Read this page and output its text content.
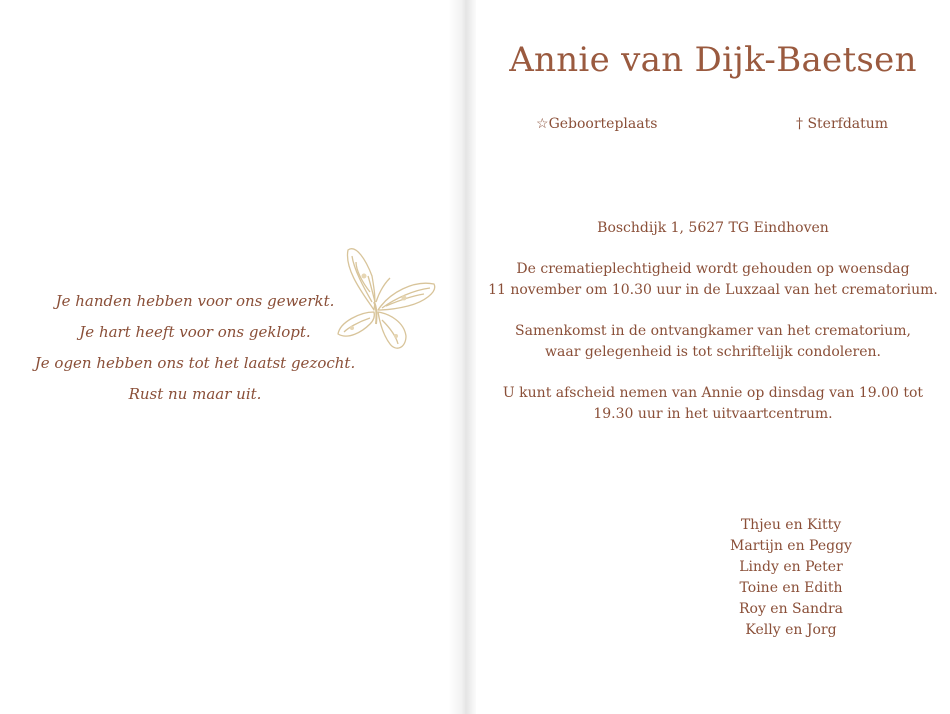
Je handen hebben voor ons gewerkt.
Je hart heeft voor ons geklopt.
Je ogen hebben ons tot het laatst gezocht.
Rust nu maar uit.
Annie van Dijk-Baetsen
☆Geboorteplaats	† Sterfdatum
Boschdijk 1, 5627 TG Eindhoven
De crematieplechtigheid wordt gehouden op woensdag
11 november om 10.30 uur in de Luxzaal van het crematorium.
Samenkomst in de ontvangkamer van het crematorium,
waar gelegenheid is tot schriftelijk condoleren.
U kunt afscheid nemen van Annie op dinsdag van 19.00 tot
19.30 uur in het uitvaartcentrum.
Thjeu en Kitty
Martijn en Peggy
Lindy en Peter
Toine en Edith
Roy en Sandra
Kelly en Jorg
